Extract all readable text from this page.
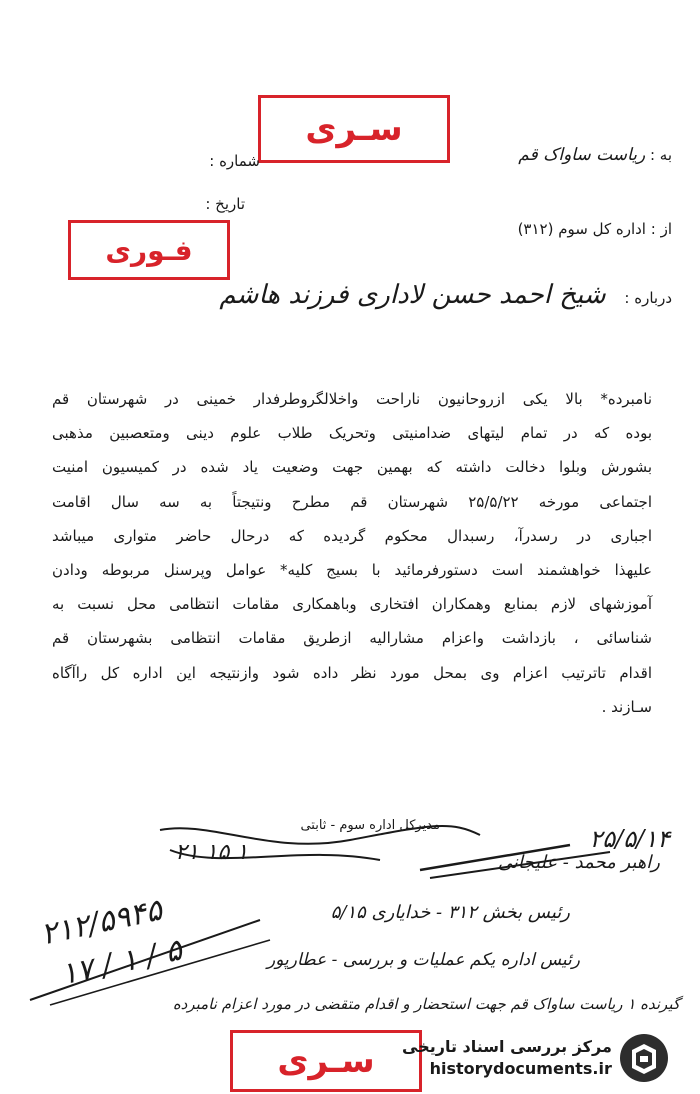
سـرى
به : ریاست ساواک قم
شماره :
تاریخ :
از : اداره کل سوم (۳۱۲)
فـورى
درباره : شیخ احمد حسن لاداری فرزند هاشم

نامبرده* بالا یکی ازروحانیون ناراحت واخلالگروطرفدار خمینی در شهرستان قم

بوده که در تمام لیتهای ضدامنیتی وتحریک طلاب علوم دینی ومتعصبین مذهبی

بشورش وبلوا دخالت داشته که بهمین جهت وضعیت یاد شده در کمیسیون امنیت

اجتماعی مورخه ۲۵/۵/۲۲ شهرستان قم مطرح ونتیجتاً به سه سال اقامت

اجباری در رسدرآ، رسبدال محکوم گردیده که درحال حاضر متواری میباشد

علیهذا خواهشمند است دستورفرمائید با بسیج کلیه* عوامل وپرسنل مربوطه ودادن

آموزشهای لازم بمنابع وهمکاران افتخاری وباهمکاری مقامات انتظامی محل نسبت به

شناسائی ، بازداشت واعزام مشارالیه ازطریق مقامات انتظامی بشهرستان قم

اقدام تاترتیب اعزام وی بمحل مورد نظر داده شود وازنتیجه این اداره کل راآگاه

سـازند .

مدیرکل اداره سوم - ثابتی
۲۱ ۱۵ ۱	۲۵/۵/۱۴
راهبر محمد - علیجانی
رئیس بخش ۳۱۲ - خدایاری ۵/۱۵
رئیس اداره یکم عملیات و بررسی - عطارپور
گیرنده ۱ ریاست ساواک قم جهت استحضار و اقدام متقضی در مورد اعزام نامبرده
۲۱۲/۵۹۴۵
۱۷ / ۱ / ۵
سـرى مرکز بررسی اسناد تاریخی
historydocuments.ir
